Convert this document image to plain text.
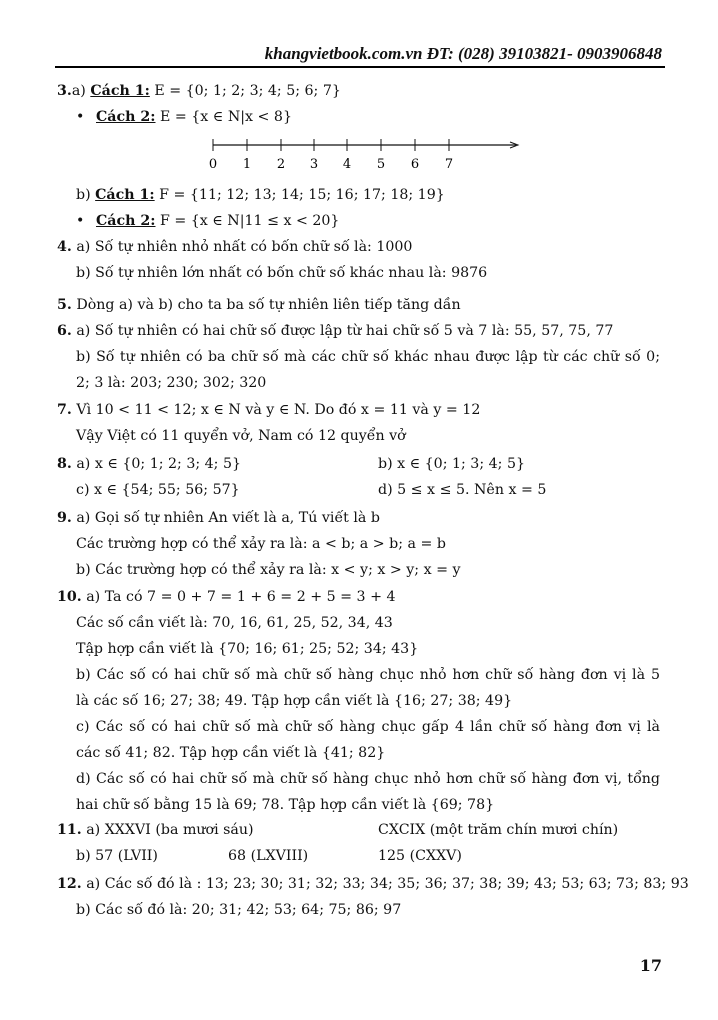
khangvietbook.com.vn ĐT: (028) 39103821- 0903906848
0 1 2 3 4 5 6 7
3.a) Cách 1: E = {0; 1; 2; 3; 4; 5; 6; 7}
• Cách 2: E = {x ∈ N|x < 8}
b) Cách 1: F = {11; 12; 13; 14; 15; 16; 17; 18; 19}
• Cách 2: F = {x ∈ N|11 ≤ x < 20}
4. a) Số tự nhiên nhỏ nhất có bốn chữ số là: 1000
b) Số tự nhiên lớn nhất có bốn chữ số khác nhau là: 9876
5. Dòng a) và b) cho ta ba số tự nhiên liên tiếp tăng dần
6. a) Số tự nhiên có hai chữ số được lập từ hai chữ số 5 và 7 là: 55, 57, 75, 77
b) Số tự nhiên có ba chữ số mà các chữ số khác nhau được lập từ các chữ số 0;
2; 3 là: 203; 230; 302; 320
7. Vì 10 < 11 < 12; x ∈ N và y ∈ N. Do đó x = 11 và y = 12
Vậy Việt có 11 quyển vở, Nam có 12 quyển vở
8. a) x ∈ {0; 1; 2; 3; 4; 5}	b) x ∈ {0; 1; 3; 4; 5}
c) x ∈ {54; 55; 56; 57}	d) 5 ≤ x ≤ 5. Nên x = 5
9. a) Gọi số tự nhiên An viết là a, Tú viết là b
Các trường hợp có thể xảy ra là: a < b; a > b; a = b
b) Các trường hợp có thể xảy ra là: x < y; x > y; x = y
10. a) Ta có 7 = 0 + 7 = 1 + 6 = 2 + 5 = 3 + 4
Các số cần viết là: 70, 16, 61, 25, 52, 34, 43
Tập hợp cần viết là {70; 16; 61; 25; 52; 34; 43}
b) Các số có hai chữ số mà chữ số hàng chục nhỏ hơn chữ số hàng đơn vị là 5
là các số 16; 27; 38; 49. Tập hợp cần viết là {16; 27; 38; 49}
c) Các số có hai chữ số mà chữ số hàng chục gấp 4 lần chữ số hàng đơn vị là
các số 41; 82. Tập hợp cần viết là {41; 82}
d) Các số có hai chữ số mà chữ số hàng chục nhỏ hơn chữ số hàng đơn vị, tổng
hai chữ số bằng 15 là 69; 78. Tập hợp cần viết là {69; 78}
11. a) XXXVI (ba mươi sáu)	CXCIX (một trăm chín mươi chín)
b) 57 (LVII)	68 (LXVIII)	125 (CXXV)
12. a) Các số đó là : 13; 23; 30; 31; 32; 33; 34; 35; 36; 37; 38; 39; 43; 53; 63; 73; 83; 93
b) Các số đó là: 20; 31; 42; 53; 64; 75; 86; 97
17
